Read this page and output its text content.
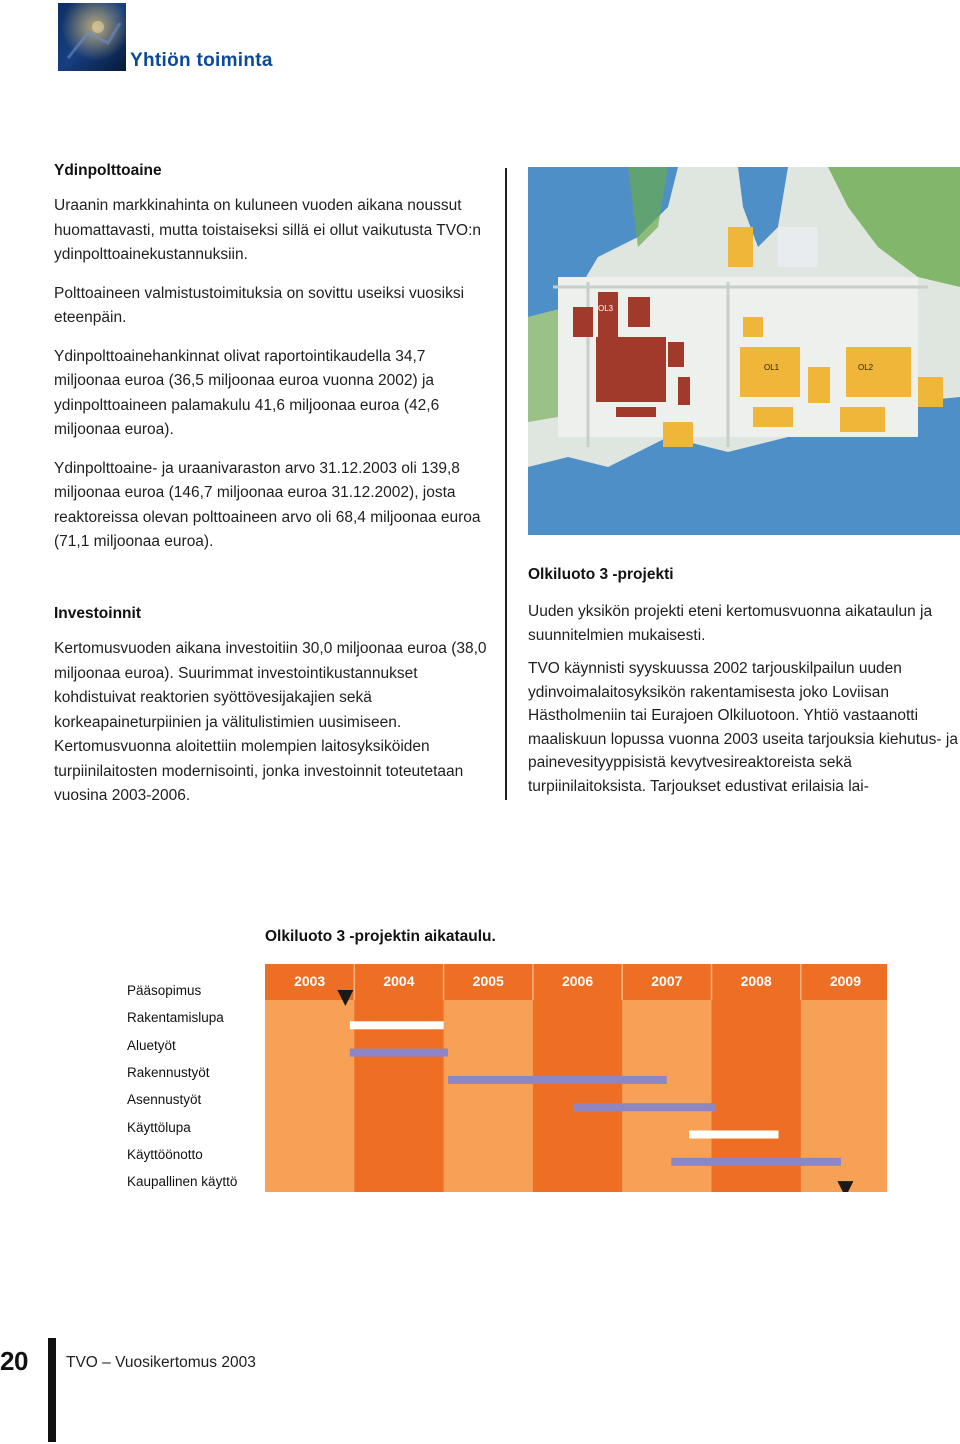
Yhtiön toiminta
Ydinpolttoaine

Uraanin markkinahinta on kuluneen vuoden aikana noussut huomattavasti, mutta toistaiseksi sillä ei ollut vaikutusta TVO:n ydinpolttoainekustannuksiin.

Polttoaineen valmistustoimituksia on sovittu useiksi vuosiksi eteenpäin.

Ydinpolttoainehankinnat olivat raportointikaudella 34,7 miljoonaa euroa (36,5 miljoonaa euroa vuonna 2002) ja ydinpolttoaineen palamakulu 41,6 miljoonaa euroa (42,6 miljoonaa euroa).

Ydinpolttoaine- ja uraanivaraston arvo 31.12.2003 oli 139,8 miljoonaa euroa (146,7 miljoonaa euroa 31.12.2002), josta reaktoreissa olevan polttoaineen arvo oli 68,4 miljoonaa euroa (71,1 miljoonaa euroa).

Investoinnit

Kertomusvuoden aikana investoitiin 30,0 miljoonaa euroa (38,0 miljoonaa euroa). Suurimmat investointikustannukset kohdistuivat reaktorien syöttövesijakajien sekä korkeapaineturpiinien ja välitulistimien uusimiseen. Kertomusvuonna aloitettiin molempien laitosyksiköiden turpiinilaitosten modernisointi, jonka investoinnit toteutetaan vuosina 2003-2006.

OL3
OL1	OL2
Olkiluoto 3 -projekti

Uuden yksikön projekti eteni kertomusvuonna aikataulun ja suunnitelmien mukaisesti.

TVO käynnisti syyskuussa 2002 tarjouskilpailun uuden ydinvoimalaitosyksikön rakentamisesta joko Loviisan Hästholmeniin tai Eurajoen Olkiluotoon. Yhtiö vastaanotti maaliskuun lopussa vuonna 2003 useita tarjouksia kiehutus- ja painevesityyppisistä kevytvesireaktoreista sekä turpiinilaitoksista. Tarjoukset edustivat erilaisia lai-

Olkiluoto 3 -projektin aikataulu.
Pääsopimus
Rakentamislupa
Aluetyöt
Rakennustyöt
Asennustyöt
Käyttölupa
Käyttöönotto
Kaupallinen käyttö
2003	2004	2005	2006	2007	2008	2009
20 TVO – Vuosikertomus 2003
